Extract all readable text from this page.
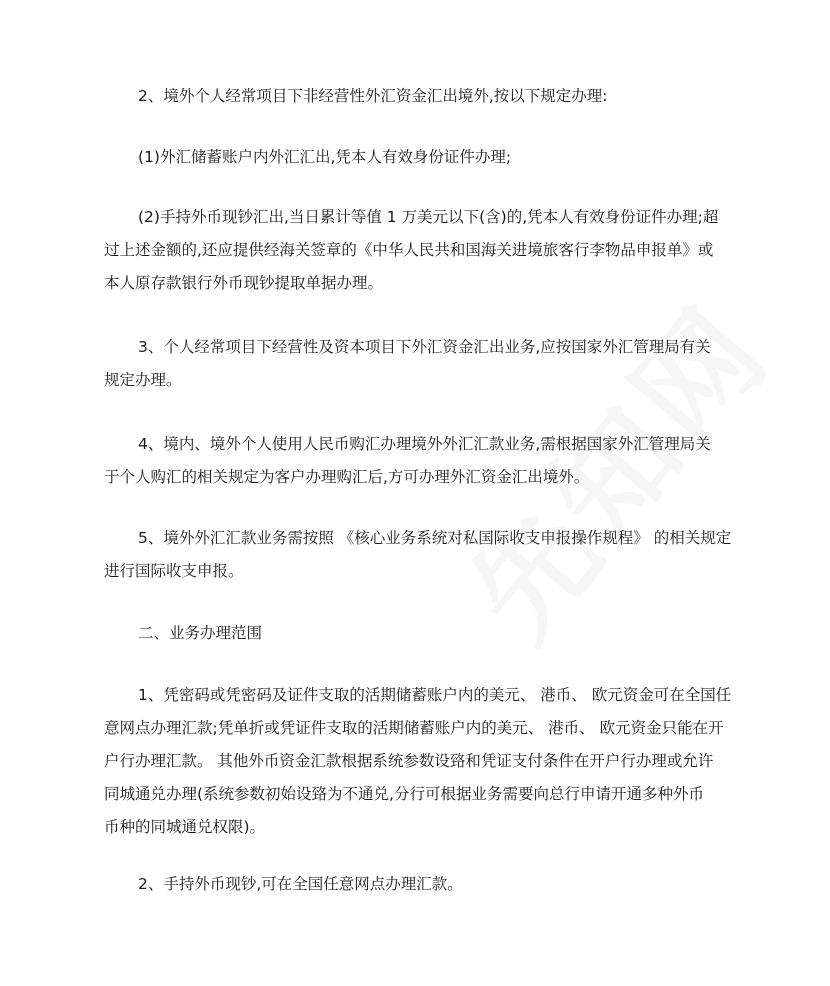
2、境外个人经常项目下非经营性外汇资金汇出境外,按以下规定办理:

(1)外汇储蓄账户内外汇汇出,凭本人有效身份证件办理;

(2)手持外币现钞汇出,当日累计等值 1 万美元以下(含)的,凭本人有效身份证件办理;超
过上述金额的,还应提供经海关签章的《中华人民共和国海关进境旅客行李物品申报单》或
本人原存款银行外币现钞提取单据办理。

3、个人经常项目下经营性及资本项目下外汇资金汇出业务,应按国家外汇管理局有关
规定办理。

4、境内、境外个人使用人民币购汇办理境外外汇汇款业务,需根据国家外汇管理局关
于个人购汇的相关规定为客户办理购汇后,方可办理外汇资金汇出境外。

5、境外外汇汇款业务需按照 《核心业务系统对私国际收支申报操作规程》 的相关规定
进行国际收支申报。

二、业务办理范围

1、凭密码或凭密码及证件支取的活期储蓄账户内的美元、 港币、 欧元资金可在全国任
意网点办理汇款;凭单折或凭证件支取的活期储蓄账户内的美元、 港币、 欧元资金只能在开
户行办理汇款。 其他外币资金汇款根据系统参数设臵和凭证支付条件在开户行办理或允许
同城通兑办理(系统参数初始设臵为不通兑,分行可根据业务需要向总行申请开通多种外币
币种的同城通兑权限)。

2、手持外币现钞,可在全国任意网点办理汇款。
